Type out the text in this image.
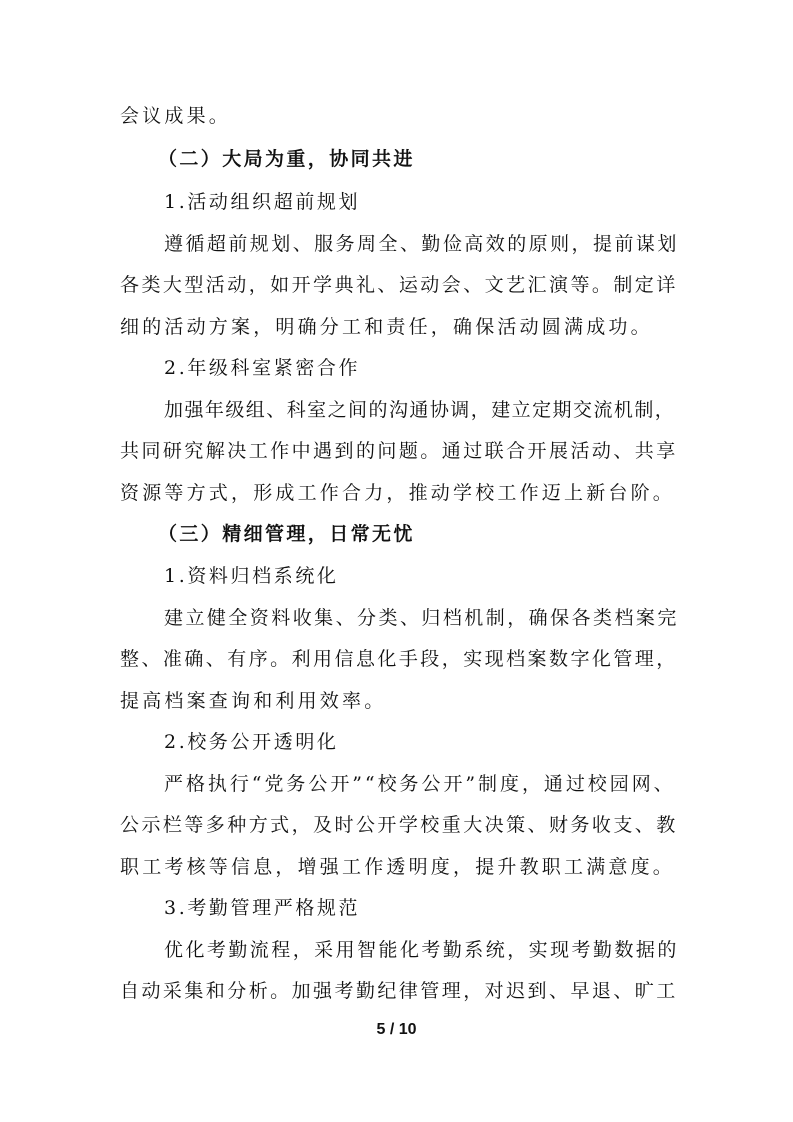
会议成果。
（二）大局为重，协同共进
1.活动组织超前规划
遵循超前规划、服务周全、勤俭高效的原则，提前谋划
各类大型活动，如开学典礼、运动会、文艺汇演等。制定详
细的活动方案，明确分工和责任，确保活动圆满成功。
2.年级科室紧密合作
加强年级组、科室之间的沟通协调，建立定期交流机制，
共同研究解决工作中遇到的问题。通过联合开展活动、共享
资源等方式，形成工作合力，推动学校工作迈上新台阶。
（三）精细管理，日常无忧
1.资料归档系统化
建立健全资料收集、分类、归档机制，确保各类档案完
整、准确、有序。利用信息化手段，实现档案数字化管理，
提高档案查询和利用效率。
2.校务公开透明化
严格执行“党务公开”“校务公开”制度，通过校园网、
公示栏等多种方式，及时公开学校重大决策、财务收支、教
职工考核等信息，增强工作透明度，提升教职工满意度。
3.考勤管理严格规范
优化考勤流程，采用智能化考勤系统，实现考勤数据的
自动采集和分析。加强考勤纪律管理，对迟到、早退、旷工
5 / 10
